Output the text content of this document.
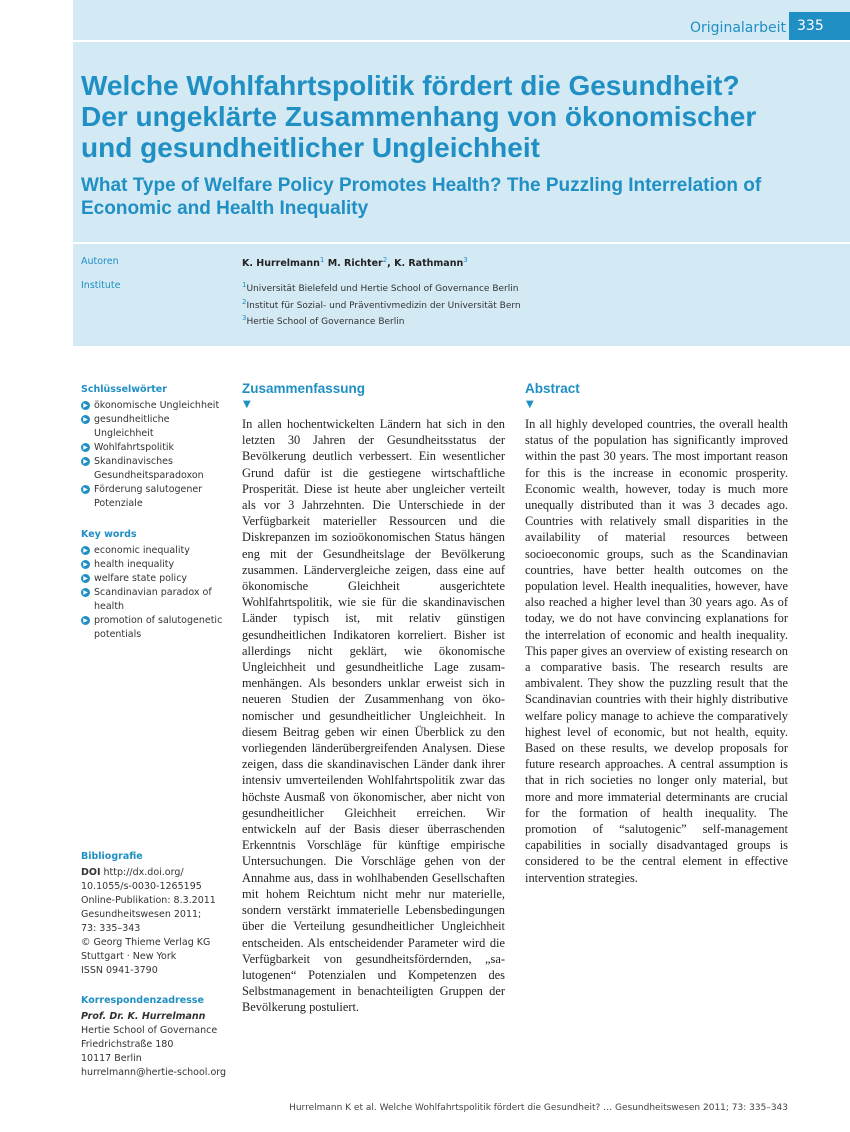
Originalarbeit 335
Welche Wohlfahrtspolitik fördert die Gesundheit?
Der ungeklärte Zusammenhang von ökonomischer
und gesundheitlicher Ungleichheit
What Type of Welfare Policy Promotes Health? The Puzzling Interrelation of
Economic and Health Inequality
Autoren
Institute
K. Hurrelmann$^1$ M. Richter$^2$, K. Rathmann$^3$
$^1$Universität Bielefeld und Hertie School of Governance Berlin
$^2$Institut für Sozial- und Präventivmedizin der Universität Bern
$^3$Hertie School of Governance Berlin
Schlüsselwörter
▶ ökonomische Ungleichheit
▶ gesundheitliche
Ungleichheit
▶ Wohlfahrtspolitik
▶ Skandinavisches
Gesundheitsparadoxon
▶ Förderung salutogener
Potenziale
Key words
▶ economic inequality
▶ health inequality
▶ welfare state policy
▶ Scandinavian paradox of
health
▶ promotion of salutogenetic
potentials
Bibliografie
DOI http://dx.doi.org/
10.1055/s-0030-1265195
Online-Publikation: 8.3.2011
Gesundheitswesen 2011;
73: 335–343
© Georg Thieme Verlag KG
Stuttgart · New York
ISSN 0941-3790
Korrespondenzadresse
Prof. Dr. K. Hurrelmann
Hertie School of Governance
Friedrichstraße 180
10117 Berlin
hurrelmann@hertie-school.org
Zusammenfassung
▼
In allen hochentwickelten Ländern hat sich in den letzten 30 Jahren der Gesundheitsstatus der Bevölkerung deutlich verbessert. Ein wesentlicher Grund dafür ist die gestiegene wirtschaftliche Prosperität. Diese ist heute aber ungleicher verteilt als vor 3 Jahrzehnten. Die Unterschiede in der Verfügbarkeit materieller Ressourcen und die Diskrepanzen im sozioökonomischen Status hängen eng mit der Gesundheitslage der Bevölkerung zusammen. Ländervergleiche zeigen, dass eine auf ökonomische Gleichheit ausgerichtete Wohlfahrtspolitik, wie sie für die skandinavischen Länder typisch ist, mit relativ günstigen gesundheitlichen Indikatoren korreliert. Bisher ist allerdings nicht geklärt, wie ökonomische Ungleichheit und gesundheitliche Lage zusammenhängen. Als besonders unklar erweist sich in neueren Studien der Zusammenhang von ökonomischer und gesundheitlicher Ungleichheit. In diesem Beitrag geben wir einen Überblick zu den vorliegenden länderübergreifenden Analysen. Diese zeigen, dass die skandinavischen Länder dank ihrer intensiv umverteilenden Wohlfahrtspolitik zwar das höchste Ausmaß von ökonomischer, aber nicht von gesundheitlicher Gleichheit erreichen. Wir entwickeln auf der Basis dieser überraschenden Erkenntnis Vorschläge für künftige empirische Untersuchungen. Die Vorschläge gehen von der Annahme aus, dass in wohlhabenden Gesellschaften mit hohem Reichtum nicht mehr nur materielle, sondern verstärkt immaterielle Lebensbedingungen über die Verteilung gesundheitlicher Ungleichheit entscheiden. Als entscheidender Parameter wird die Verfügbarkeit von gesundheitsfördernden, „salutogenen“ Potenzialen und Kompetenzen des Selbstmanagement in benachteiligten Gruppen der Bevölkerung postuliert.
Abstract
▼
In all highly developed countries, the overall health status of the population has significantly improved within the past 30 years. The most important reason for this is the increase in economic prosperity. Economic wealth, however, today is much more unequally distributed than it was 3 decades ago. Countries with relatively small disparities in the availability of material resources between socioeconomic groups, such as the Scandinavian countries, have better health outcomes on the population level. Health inequalities, however, have also reached a higher level than 30 years ago. As of today, we do not have convincing explanations for the interrelation of economic and health inequality. This paper gives an overview of existing research on a comparative basis. The research results are ambivalent. They show the puzzling result that the Scandinavian countries with their highly distributive welfare policy manage to achieve the comparatively highest level of economic, but not health, equity. Based on these results, we develop proposals for future research approaches. A central assumption is that in rich societies no longer only material, but more and more immaterial determinants are crucial for the formation of health inequality. The promotion of “salutogenic” self-management capabilities in socially disadvantaged groups is considered to be the central element in effective intervention strategies.
Hurrelmann K et al. Welche Wohlfahrtspolitik fördert die Gesundheit? … Gesundheitswesen 2011; 73: 335–343
